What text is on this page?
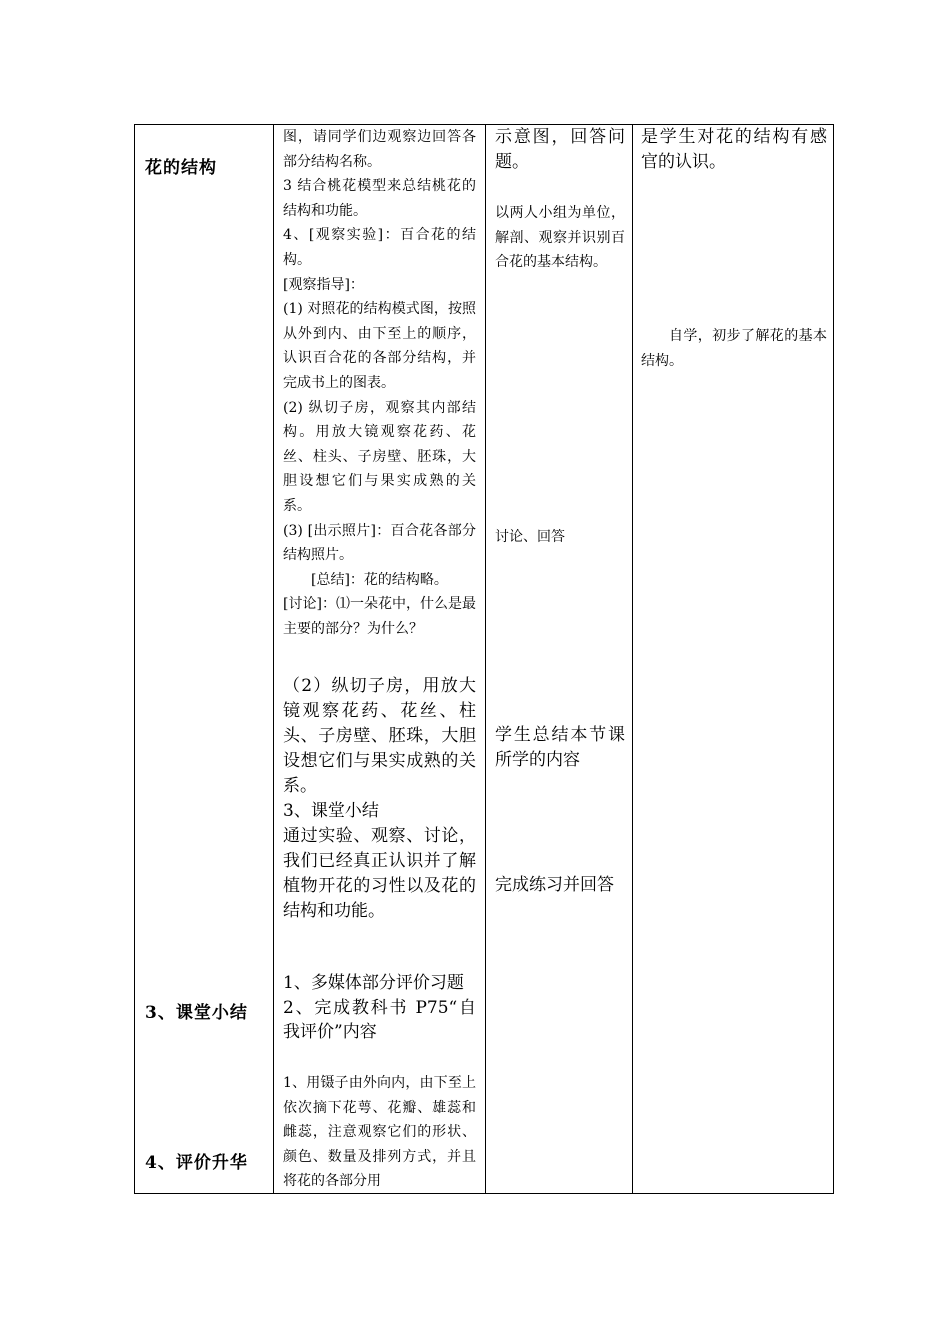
花的结构
3、课堂小结
4、评价升华

图，请同学们边观察边回答各部分结构名称。

3 结合桃花模型来总结桃花的结构和功能。

4、[观察实验]：百合花的结构。

[观察指导]：

(1) 对照花的结构模式图，按照从外到内、由下至上的顺序，认识百合花的各部分结构，并完成书上的图表。

(2) 纵切子房，观察其内部结构。用放大镜观察花药、花丝、柱头、子房壁、胚珠，大胆设想它们与果实成熟的关系。

(3) [出示照片]：百合花各部分结构照片。

[总结]：花的结构略。

[讨论]：⑴一朵花中，什么是最主要的部分？为什么？

（2）纵切子房，用放大镜观察花药、花丝、柱头、子房壁、胚珠，大胆设想它们与果实成熟的关系。

3、课堂小结

通过实验、观察、讨论，我们已经真正认识并了解植物开花的习性以及花的结构和功能。

1、多媒体部分评价习题

2、完成教科书 P75“自我评价”内容

1、用镊子由外向内，由下至上依次摘下花萼、花瓣、雄蕊和雌蕊，注意观察它们的形状、颜色、数量及排列方式，并且将花的各部分用

示意图，回答问题。
以两人小组为单位，解剖、观察并识别百合花的基本结构。
讨论、回答
学生总结本节课所学的内容
完成练习并回答
是学生对花的结构有感官的认识。
自学，初步了解花的基本结构。
